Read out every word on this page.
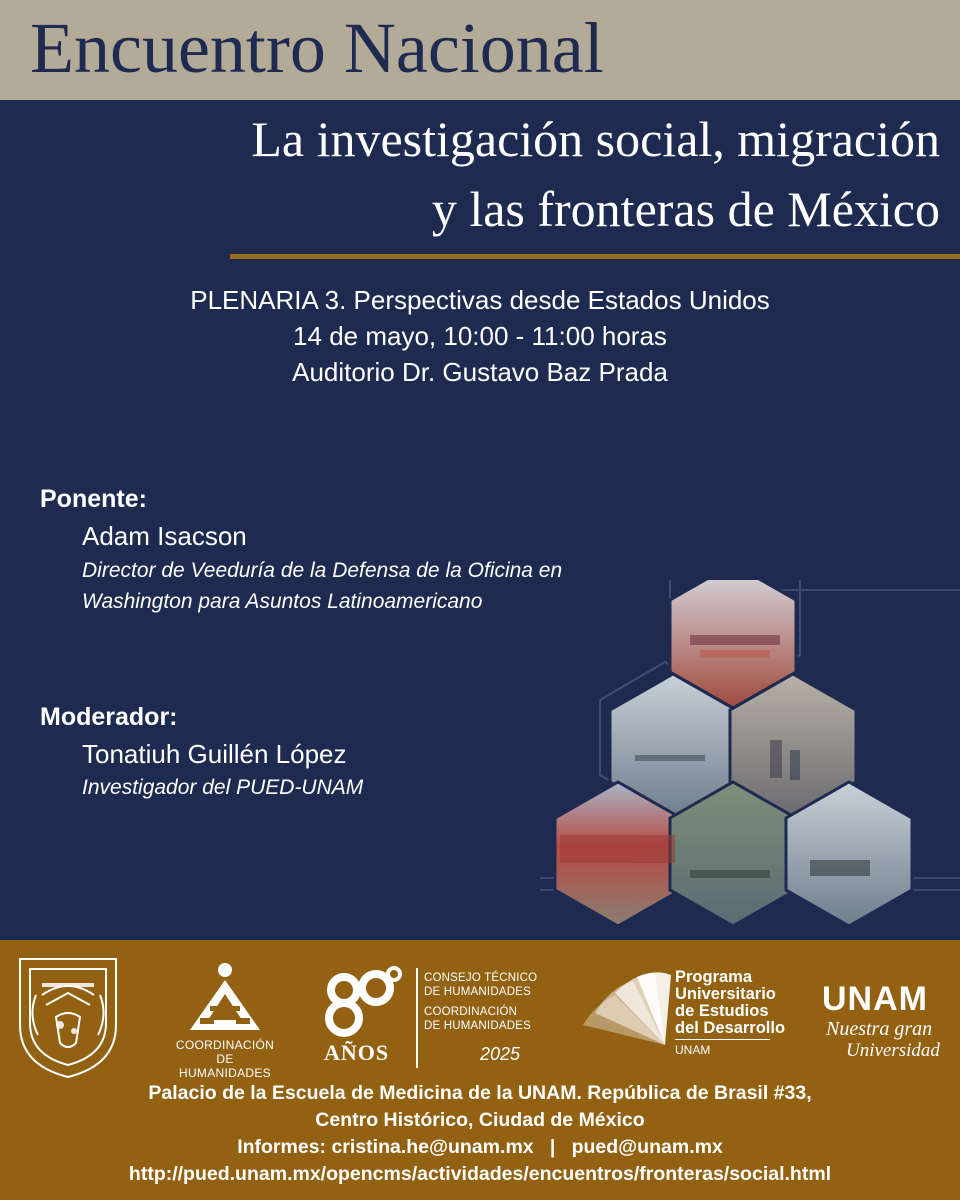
Encuentro Nacional
La investigación social, migración
y las fronteras de México
PLENARIA 3. Perspectivas desde Estados Unidos
14 de mayo, 10:00 - 11:00 horas
Auditorio Dr. Gustavo Baz Prada
Ponente:
Adam Isacson
Director de Veeduría de la Defensa de la Oficina en
Washington para Asuntos Latinoamericano
Moderador:
Tonatiuh Guillén López
Investigador del PUED-UNAM
COORDINACIÓN
DE HUMANIDADES
AÑOS
CONSEJO TÉCNICO
DE HUMANIDADES
COORDINACIÓN
DE HUMANIDADES
2025
Programa
Universitario
de Estudios
del Desarrollo
UNAM
UNAM
Nuestra gran
Universidad
Palacio de la Escuela de Medicina de la UNAM. República de Brasil #33,
Centro Histórico, Ciudad de México
Informes: cristina.he@unam.mx   |   pued@unam.mx
http://pued.unam.mx/opencms/actividades/encuentros/fronteras/social.html
